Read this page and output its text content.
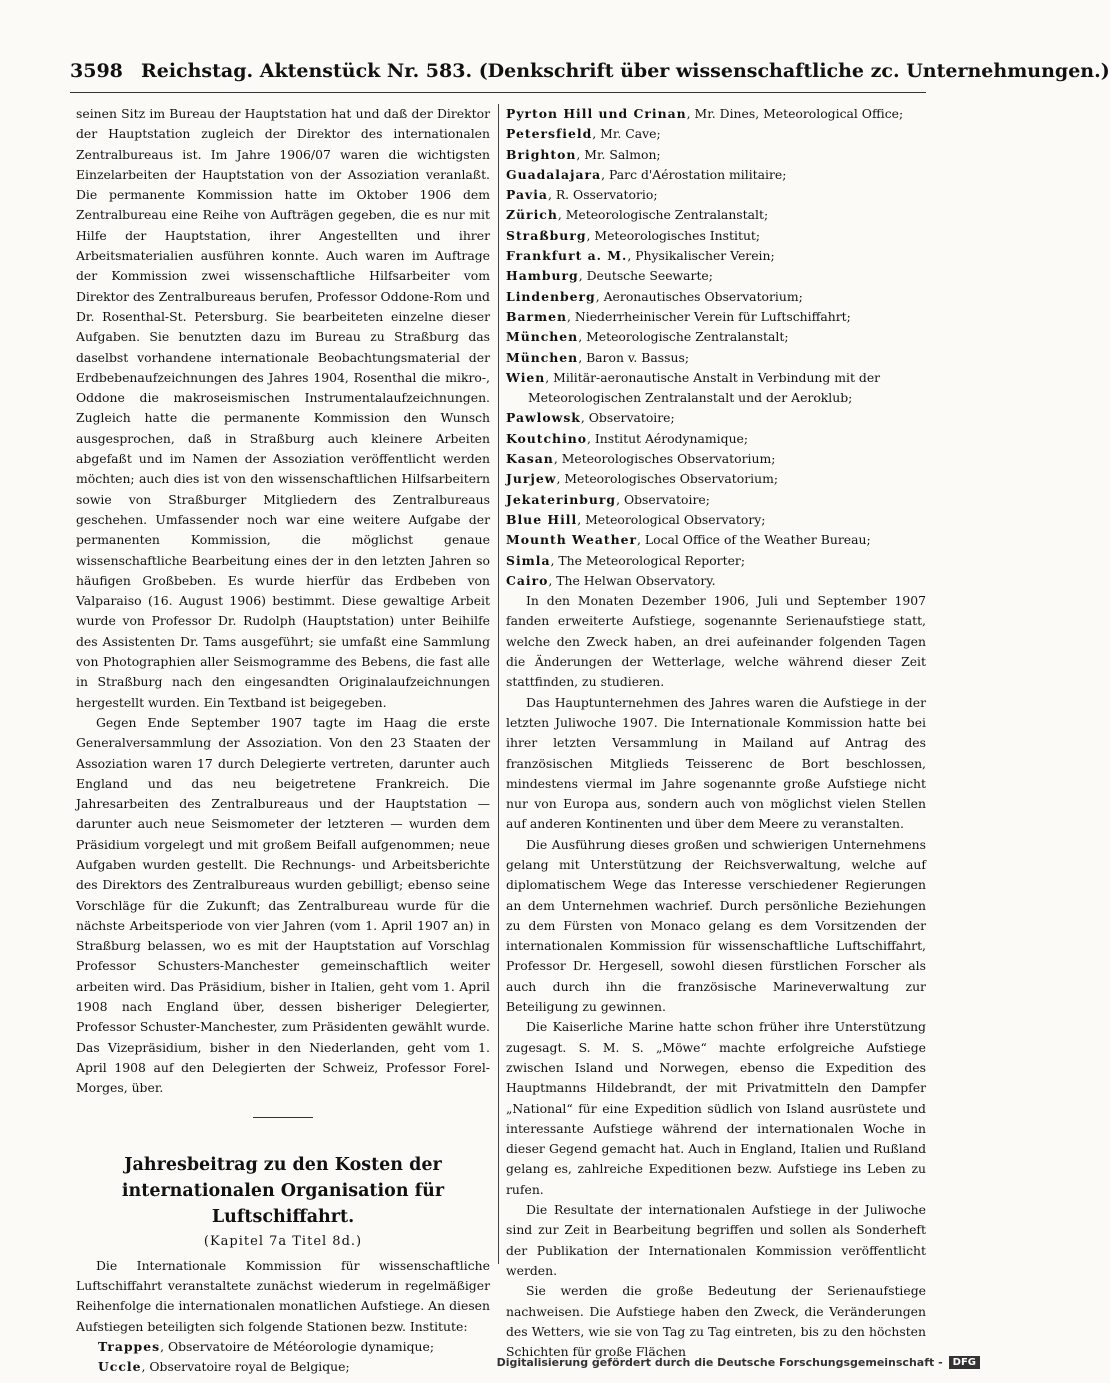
3598 Reichstag. Aktenstück Nr. 583. (Denkschrift über wissenschaftliche zc. Unternehmungen.)

seinen Sitz im Bureau der Hauptstation hat und daß der Direktor der Hauptstation zugleich der Direktor des internationalen Zentralbureaus ist. Im Jahre 1906/07 waren die wichtigsten Einzelarbeiten der Hauptstation von der Assoziation veranlaßt. Die permanente Kommission hatte im Oktober 1906 dem Zentralbureau eine Reihe von Aufträgen gegeben, die es nur mit Hilfe der Hauptstation, ihrer Angestellten und ihrer Arbeitsmaterialien ausführen konnte. Auch waren im Auftrage der Kommission zwei wissenschaftliche Hilfsarbeiter vom Direktor des Zentralbureaus berufen, Professor Oddone-Rom und Dr. Rosenthal-St. Petersburg. Sie bearbeiteten einzelne dieser Aufgaben. Sie benutzten dazu im Bureau zu Straßburg das daselbst vorhandene internationale Beobachtungsmaterial der Erdbebenaufzeichnungen des Jahres 1904, Rosenthal die mikro-, Oddone die makroseismischen Instrumentalaufzeichnungen. Zugleich hatte die permanente Kommission den Wunsch ausgesprochen, daß in Straßburg auch kleinere Arbeiten abgefaßt und im Namen der Assoziation veröffentlicht werden möchten; auch dies ist von den wissenschaftlichen Hilfsarbeitern sowie von Straßburger Mitgliedern des Zentralbureaus geschehen. Umfassender noch war eine weitere Aufgabe der permanenten Kommission, die möglichst genaue wissenschaftliche Bearbeitung eines der in den letzten Jahren so häufigen Großbeben. Es wurde hierfür das Erdbeben von Valparaiso (16. August 1906) bestimmt. Diese gewaltige Arbeit wurde von Professor Dr. Rudolph (Hauptstation) unter Beihilfe des Assistenten Dr. Tams ausgeführt; sie umfaßt eine Sammlung von Photographien aller Seismogramme des Bebens, die fast alle in Straßburg nach den eingesandten Originalaufzeichnungen hergestellt wurden. Ein Textband ist beigegeben.

Gegen Ende September 1907 tagte im Haag die erste Generalversammlung der Assoziation. Von den 23 Staaten der Assoziation waren 17 durch Delegierte vertreten, darunter auch England und das neu beigetretene Frankreich. Die Jahresarbeiten des Zentralbureaus und der Hauptstation — darunter auch neue Seismometer der letzteren — wurden dem Präsidium vorgelegt und mit großem Beifall aufgenommen; neue Aufgaben wurden gestellt. Die Rechnungs- und Arbeitsberichte des Direktors des Zentralbureaus wurden gebilligt; ebenso seine Vorschläge für die Zukunft; das Zentralbureau wurde für die nächste Arbeitsperiode von vier Jahren (vom 1. April 1907 an) in Straßburg belassen, wo es mit der Hauptstation auf Vorschlag Professor Schusters-Manchester gemeinschaftlich weiter arbeiten wird. Das Präsidium, bisher in Italien, geht vom 1. April 1908 nach England über, dessen bisheriger Delegierter, Professor Schuster-Manchester, zum Präsidenten gewählt wurde. Das Vizepräsidium, bisher in den Niederlanden, geht vom 1. April 1908 auf den Delegierten der Schweiz, Professor Forel-Morges, über.

Jahresbeitrag zu den Kosten der internationalen Organisation für Luftschiffahrt.
(Kapitel 7a Titel 8d.)

Die Internationale Kommission für wissenschaftliche Luftschiffahrt veranstaltete zunächst wiederum in regelmäßiger Reihenfolge die internationalen monatlichen Aufstiege. An diesen Aufstiegen beteiligten sich folgende Stationen bezw. Institute:

Trappes, Observatoire de Météorologie dynamique;
Uccle, Observatoire royal de Belgique;
Pyrton Hill und Crinan, Mr. Dines, Meteorological Office;
Petersfield, Mr. Cave;
Brighton, Mr. Salmon;
Guadalajara, Parc d'Aérostation militaire;
Pavia, R. Osservatorio;
Zürich, Meteorologische Zentralanstalt;
Straßburg, Meteorologisches Institut;
Frankfurt a. M., Physikalischer Verein;
Hamburg, Deutsche Seewarte;
Lindenberg, Aeronautisches Observatorium;
Barmen, Niederrheinischer Verein für Luftschiffahrt;
München, Meteorologische Zentralanstalt;
München, Baron v. Bassus;
Wien, Militär-aeronautische Anstalt in Verbindung mit der Meteorologischen Zentralanstalt und der Aeroklub;
Pawlowsk, Observatoire;
Koutchino, Institut Aérodynamique;
Kasan, Meteorologisches Observatorium;
Jurjew, Meteorologisches Observatorium;
Jekaterinburg, Observatoire;
Blue Hill, Meteorological Observatory;
Mounth Weather, Local Office of the Weather Bureau;
Simla, The Meteorological Reporter;
Cairo, The Helwan Observatory.

In den Monaten Dezember 1906, Juli und September 1907 fanden erweiterte Aufstiege, sogenannte Serienaufstiege statt, welche den Zweck haben, an drei aufeinander folgenden Tagen die Änderungen der Wetterlage, welche während dieser Zeit stattfinden, zu studieren.

Das Hauptunternehmen des Jahres waren die Aufstiege in der letzten Juliwoche 1907. Die Internationale Kommission hatte bei ihrer letzten Versammlung in Mailand auf Antrag des französischen Mitglieds Teisserenc de Bort beschlossen, mindestens viermal im Jahre sogenannte große Aufstiege nicht nur von Europa aus, sondern auch von möglichst vielen Stellen auf anderen Kontinenten und über dem Meere zu veranstalten.

Die Ausführung dieses großen und schwierigen Unternehmens gelang mit Unterstützung der Reichsverwaltung, welche auf diplomatischem Wege das Interesse verschiedener Regierungen an dem Unternehmen wachrief. Durch persönliche Beziehungen zu dem Fürsten von Monaco gelang es dem Vorsitzenden der internationalen Kommission für wissenschaftliche Luftschiffahrt, Professor Dr. Hergesell, sowohl diesen fürstlichen Forscher als auch durch ihn die französische Marineverwaltung zur Beteiligung zu gewinnen.

Die Kaiserliche Marine hatte schon früher ihre Unterstützung zugesagt. S. M. S. „Möwe“ machte erfolgreiche Aufstiege zwischen Island und Norwegen, ebenso die Expedition des Hauptmanns Hildebrandt, der mit Privatmitteln den Dampfer „National“ für eine Expedition südlich von Island ausrüstete und interessante Aufstiege während der internationalen Woche in dieser Gegend gemacht hat. Auch in England, Italien und Rußland gelang es, zahlreiche Expeditionen bezw. Aufstiege ins Leben zu rufen.

Die Resultate der internationalen Aufstiege in der Juliwoche sind zur Zeit in Bearbeitung begriffen und sollen als Sonderheft der Publikation der Internationalen Kommission veröffentlicht werden.

Sie werden die große Bedeutung der Serienaufstiege nachweisen. Die Aufstiege haben den Zweck, die Veränderungen des Wetters, wie sie von Tag zu Tag eintreten, bis zu den höchsten Schichten für große Flächen

Digitalisierung gefördert durch die Deutsche Forschungsgemeinschaft -	DFG
